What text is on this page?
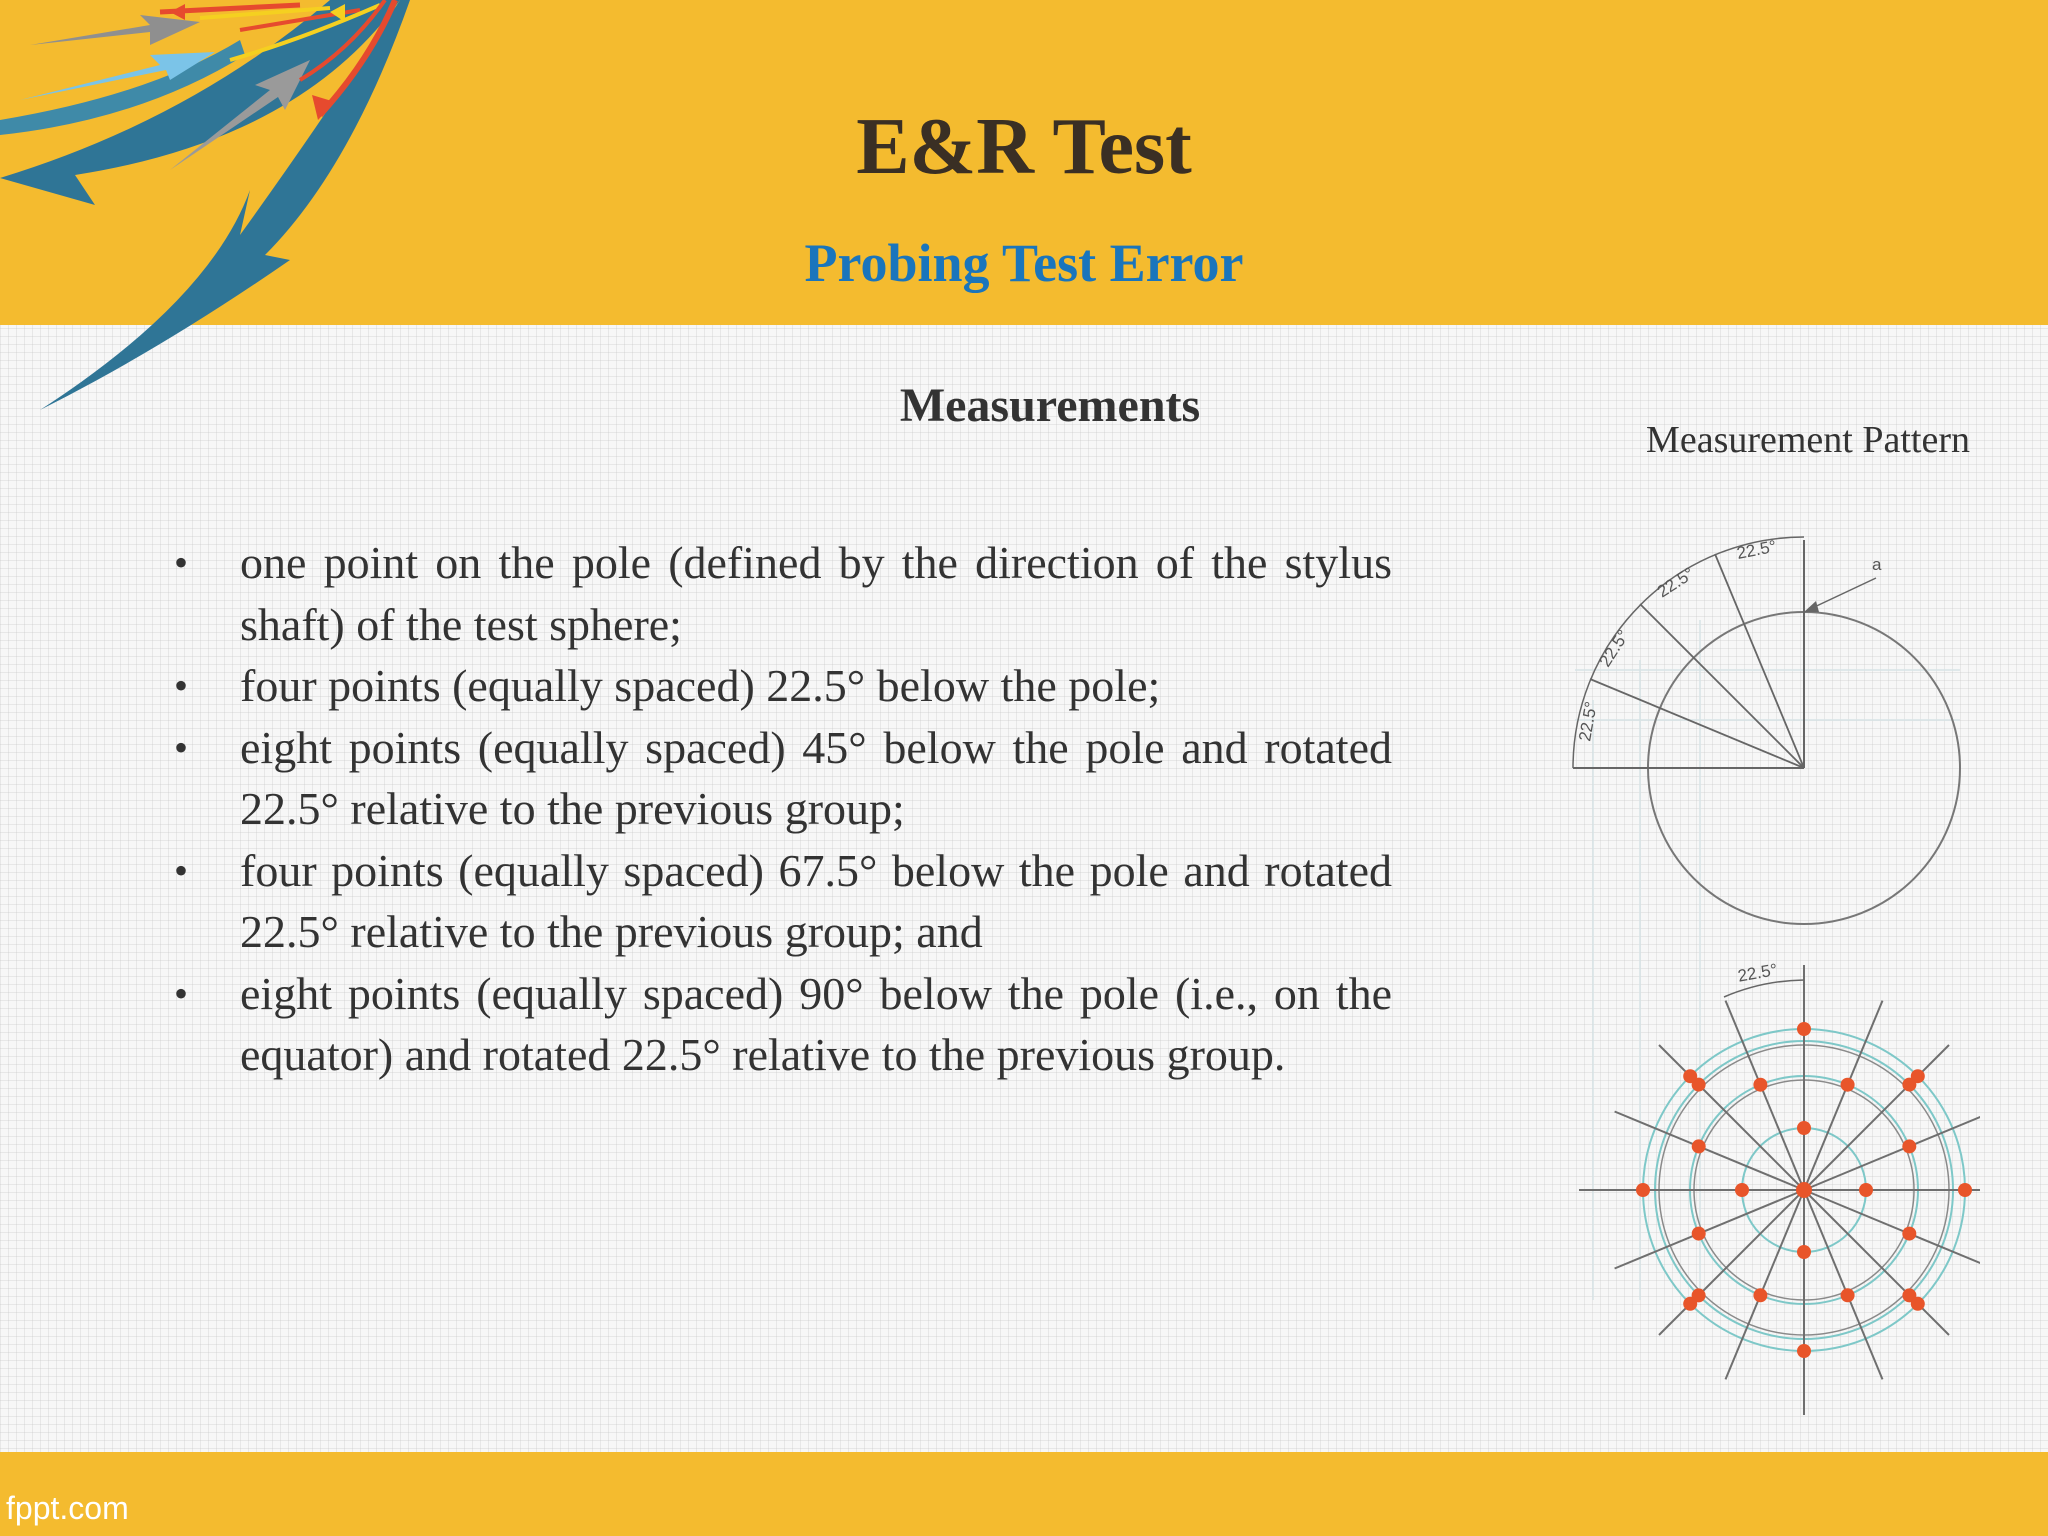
E&R Test
Probing Test Error
Measurements
Measurement Pattern
• one point on the pole (defined by the direction of the stylus shaft) of the test sphere;
• four points (equally spaced) 22.5° below the pole;
• eight points (equally spaced) 45° below the pole and rotated 22.5° relative to the previous group;
• four points (equally spaced) 67.5° below the pole and rotated 22.5° relative to the previous group; and
• eight points (equally spaced) 90° below the pole (i.e., on the equator) and rotated 22.5° relative to the previous group.
22.5°
22.5°
22.5°
22.5°
a
22.5°
fppt.com
